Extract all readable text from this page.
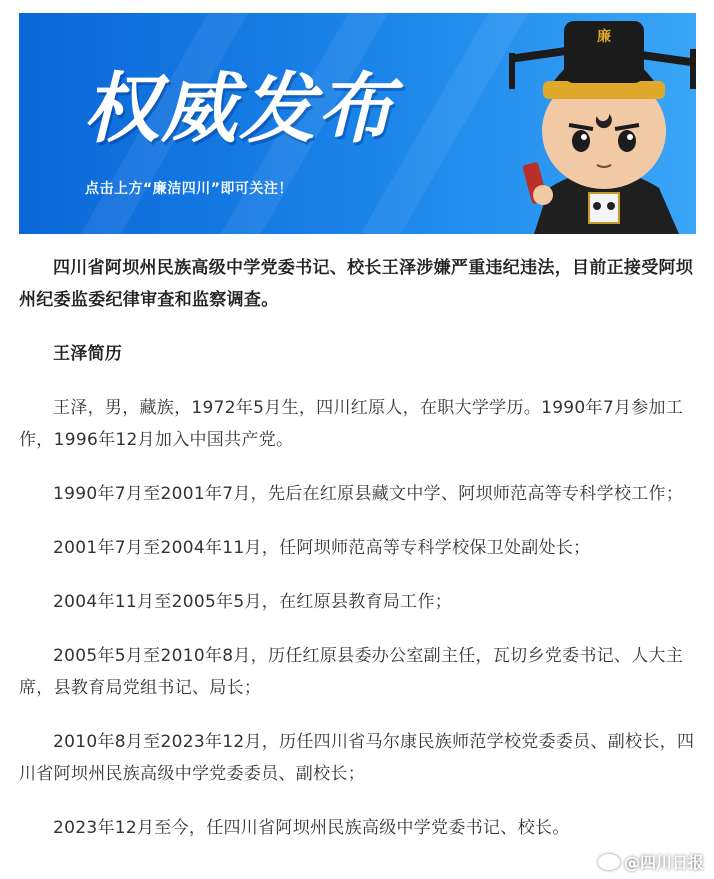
权威发布
点击上方“廉洁四川”即可关注！
廉

四川省阿坝州民族高级中学党委书记、校长王泽涉嫌严重违纪违法，目前正接受阿坝州纪委监委纪律审查和监察调查。

王泽简历

王泽，男，藏族，1972年5月生，四川红原人，在职大学学历。1990年7月参加工作，1996年12月加入中国共产党。

1990年7月至2001年7月，先后在红原县藏文中学、阿坝师范高等专科学校工作；

2001年7月至2004年11月，任阿坝师范高等专科学校保卫处副处长；

2004年11月至2005年5月，在红原县教育局工作；

2005年5月至2010年8月，历任红原县委办公室副主任，瓦切乡党委书记、人大主席，县教育局党组书记、局长；

2010年8月至2023年12月，历任四川省马尔康民族师范学校党委委员、副校长，四川省阿坝州民族高级中学党委委员、副校长；

2023年12月至今，任四川省阿坝州民族高级中学党委书记、校长。

@四川日报
